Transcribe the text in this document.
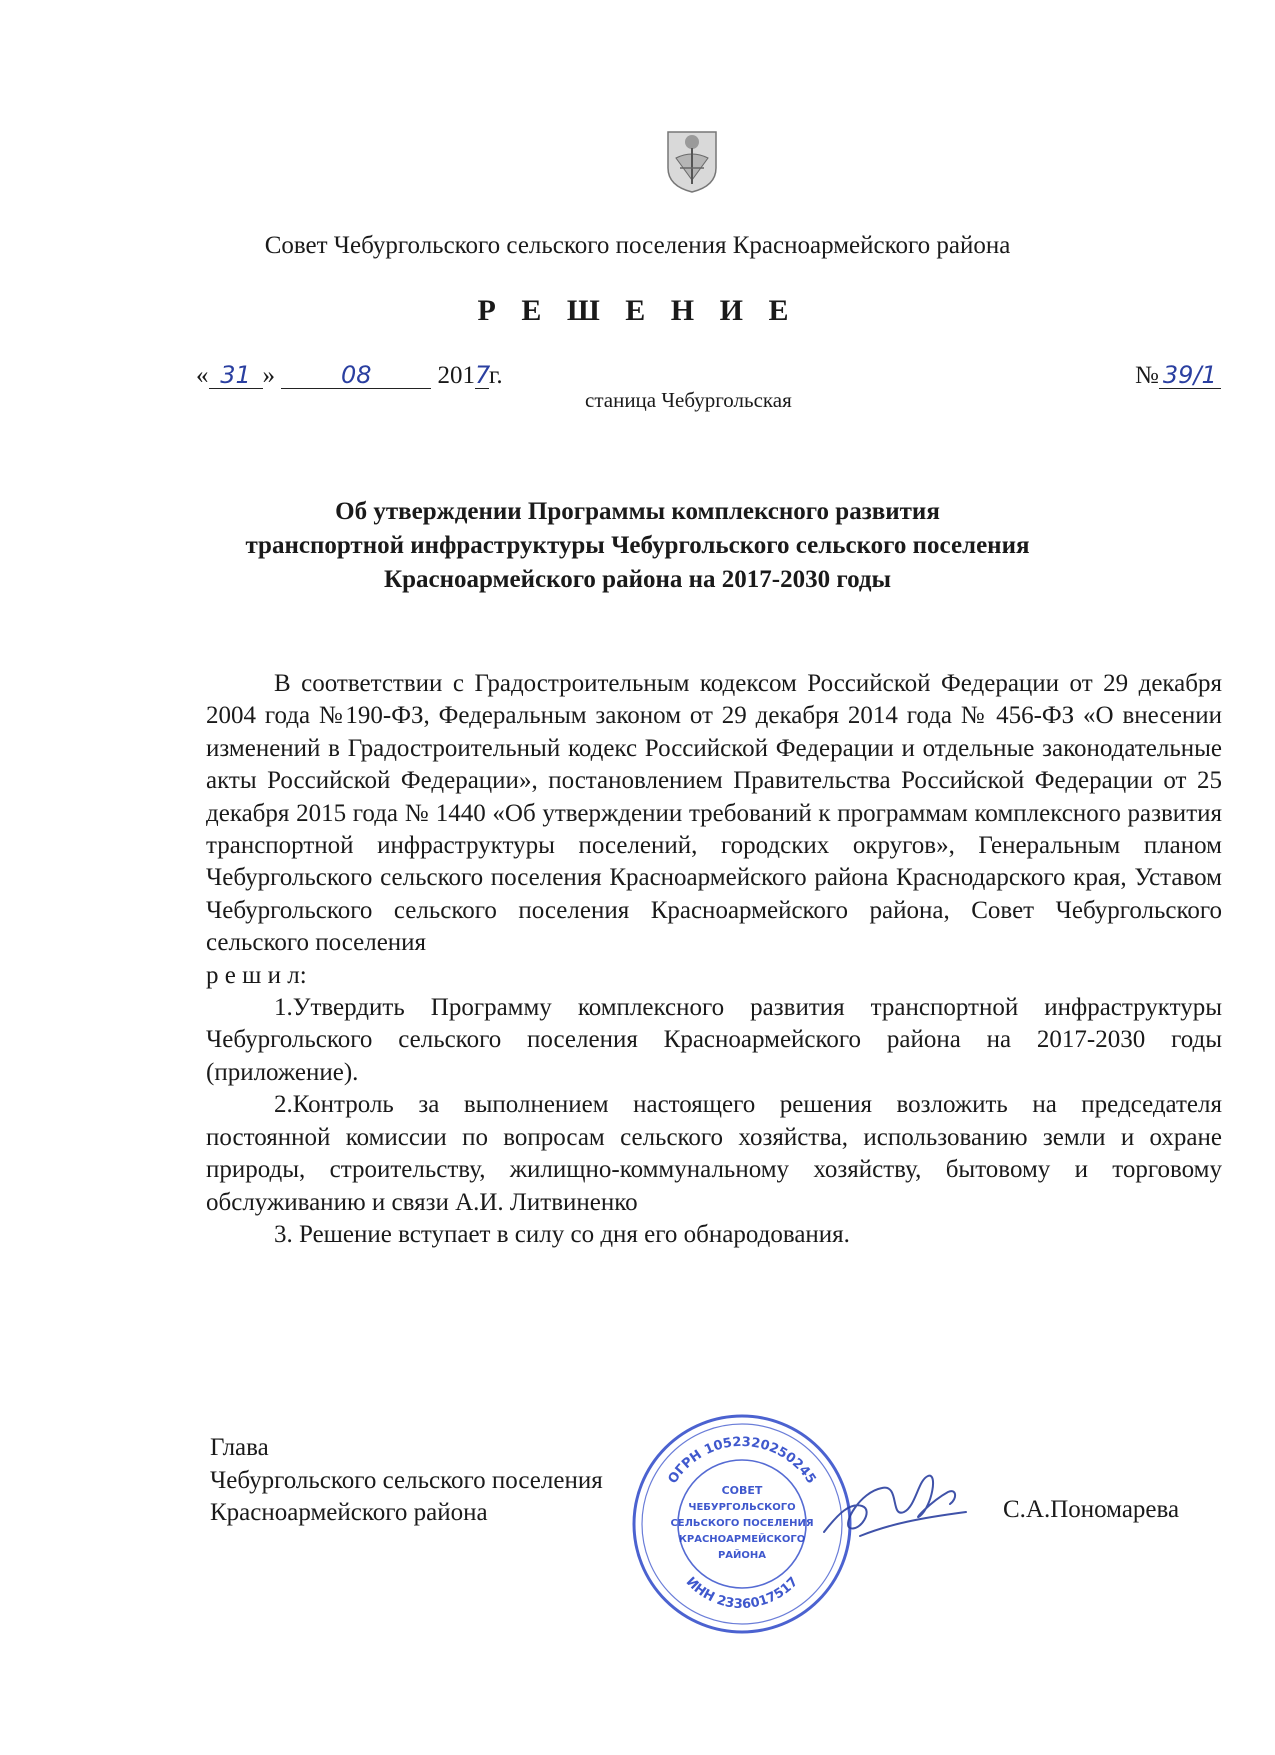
Совет Чебургольского сельского поселения Красноармейского района
Р Е Ш Е Н И Е
« 31 »	08	2017г.	№ 39/1
станица Чебургольская
Об утверждении Программы комплексного развития
транспортной инфраструктуры Чебургольского сельского поселения
Красноармейского района на 2017-2030 годы

В соответствии с Градостроительным кодексом Российской Федерации от 29 декабря 2004 года №190-ФЗ, Федеральным законом от 29 декабря 2014 года № 456-ФЗ «О внесении изменений в Градостроительный кодекс Российской Федерации и отдельные законодательные акты Российской Федерации», постановлением Правительства Российской Федерации от 25 декабря 2015 года № 1440 «Об утверждении требований к программам комплексного развития транспортной инфраструктуры поселений, городских округов», Генеральным планом Чебургольского сельского поселения Красноармейского района Краснодарского края, Уставом Чебургольского сельского поселения Красноармейского района, Совет Чебургольского сельского поселения

р е ш и л:

1.Утвердить Программу комплексного развития транспортной инфраструктуры Чебургольского сельского поселения Красноармейского района на 2017-2030 годы (приложение).

2.Контроль за выполнением настоящего решения возложить на председателя постоянной комиссии по вопросам сельского хозяйства, использованию земли и охране природы, строительству, жилищно-коммунальному хозяйству, бытовому и торговому обслуживанию и связи А.И. Литвиненко

3. Решение вступает в силу со дня его обнародования.

Глава
Чебургольского сельского поселения
Красноармейского района
ОГРН 1052320250245
ИНН 2336017517
СОВЕТ
ЧЕБУРГОЛЬСКОГО
СЕЛЬСКОГО ПОСЕЛЕНИЯ
КРАСНОАРМЕЙСКОГО
РАЙОНА
С.А.Пономарева
